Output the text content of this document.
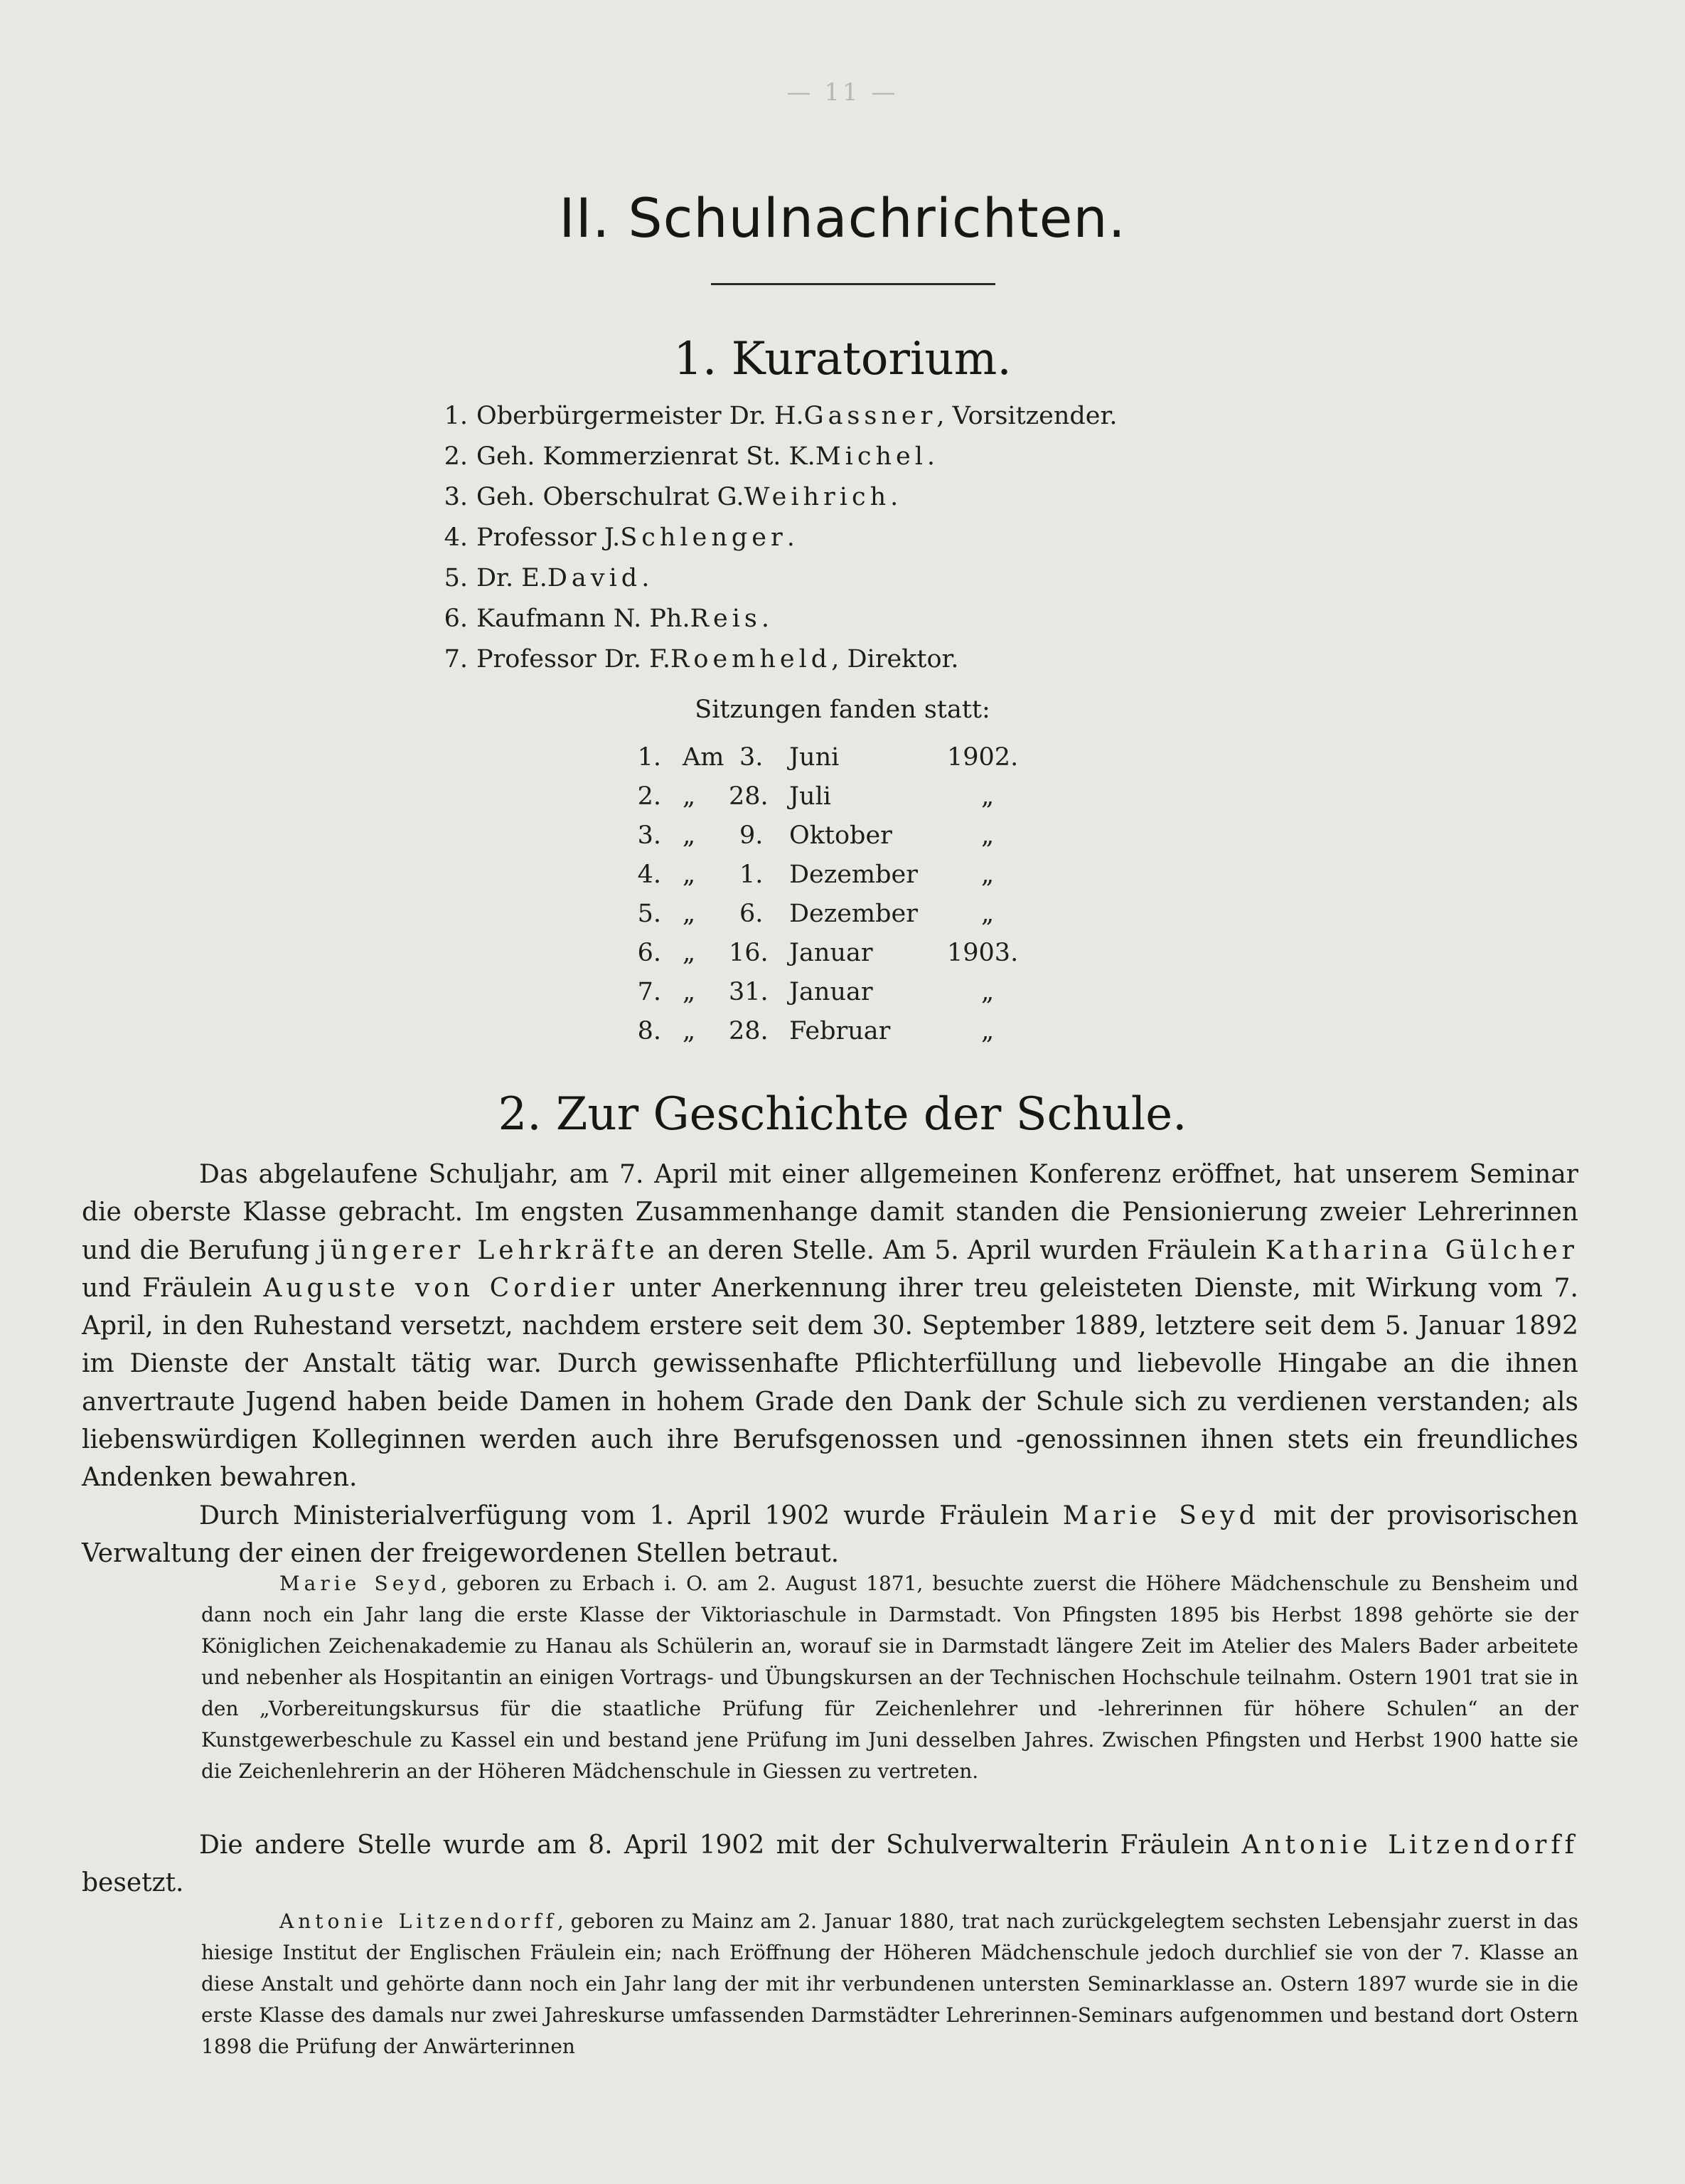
— 11 —
II. Schulnachrichten.
1. Kuratorium.
1. Oberbürgermeister Dr. H. Gassner , Vorsitzender.
2. Geh. Kommerzienrat St. K. Michel .
3. Geh. Oberschulrat G. Weihrich .
4. Professor J. Schlenger .
5. Dr. E. David .
6. Kaufmann N. Ph. Reis .
7. Professor Dr. F. Roemheld , Direktor.
Sitzungen fanden statt:
1. Am 3. Juni	1902.
2. „ 28. Juli	„
3. „ 9. Oktober	„
4. „ 1. Dezember	„
5. „ 6. Dezember	„
6. „ 16. Januar	1903.
7. „ 31. Januar	„
8. „ 28. Februar	„
2. Zur Geschichte der Schule.

Das abgelaufene Schuljahr, am 7. April mit einer allgemeinen Konferenz eröffnet, hat unserem Seminar die oberste Klasse gebracht. Im engsten Zusammenhange damit standen die Pensionierung zweier Lehrerinnen und die Berufung jüngerer Lehrkräfte an deren Stelle. Am 5. April wurden Fräulein Katharina Gülcher und Fräulein Auguste von Cordier unter Anerkennung ihrer treu geleisteten Dienste, mit Wirkung vom 7. April, in den Ruhestand versetzt, nachdem erstere seit dem 30. September 1889, letztere seit dem 5. Januar 1892 im Dienste der Anstalt tätig war. Durch gewissenhafte Pflichterfüllung und liebevolle Hingabe an die ihnen anvertraute Jugend haben beide Damen in hohem Grade den Dank der Schule sich zu verdienen verstanden; als liebenswürdigen Kolleginnen werden auch ihre Berufsgenossen und -genossinnen ihnen stets ein freundliches Andenken bewahren.

Durch Ministerialverfügung vom 1. April 1902 wurde Fräulein Marie Seyd mit der provisorischen Verwaltung der einen der freigewordenen Stellen betraut.

Marie Seyd, geboren zu Erbach i. O. am 2. August 1871, besuchte zuerst die Höhere Mädchenschule zu Bensheim und dann noch ein Jahr lang die erste Klasse der Viktoriaschule in Darmstadt. Von Pfingsten 1895 bis Herbst 1898 gehörte sie der Königlichen Zeichenakademie zu Hanau als Schülerin an, worauf sie in Darmstadt längere Zeit im Atelier des Malers Bader arbeitete und nebenher als Hospitantin an einigen Vortrags- und Übungskursen an der Technischen Hochschule teilnahm. Ostern 1901 trat sie in den „Vorbereitungskursus für die staatliche Prüfung für Zeichenlehrer und -lehrerinnen für höhere Schulen“ an der Kunstgewerbeschule zu Kassel ein und bestand jene Prüfung im Juni desselben Jahres. Zwischen Pfingsten und Herbst 1900 hatte sie die Zeichenlehrerin an der Höheren Mädchenschule in Giessen zu vertreten.

Die andere Stelle wurde am 8. April 1902 mit der Schulverwalterin Fräulein Antonie Litzendorff besetzt.

Antonie Litzendorff, geboren zu Mainz am 2. Januar 1880, trat nach zurückgelegtem sechsten Lebensjahr zuerst in das hiesige Institut der Englischen Fräulein ein; nach Eröffnung der Höheren Mädchenschule jedoch durchlief sie von der 7. Klasse an diese Anstalt und gehörte dann noch ein Jahr lang der mit ihr verbundenen untersten Seminarklasse an. Ostern 1897 wurde sie in die erste Klasse des damals nur zwei Jahreskurse umfassenden Darmstädter Lehrerinnen-Seminars aufgenommen und bestand dort Ostern 1898 die Prüfung der Anwärterinnen
